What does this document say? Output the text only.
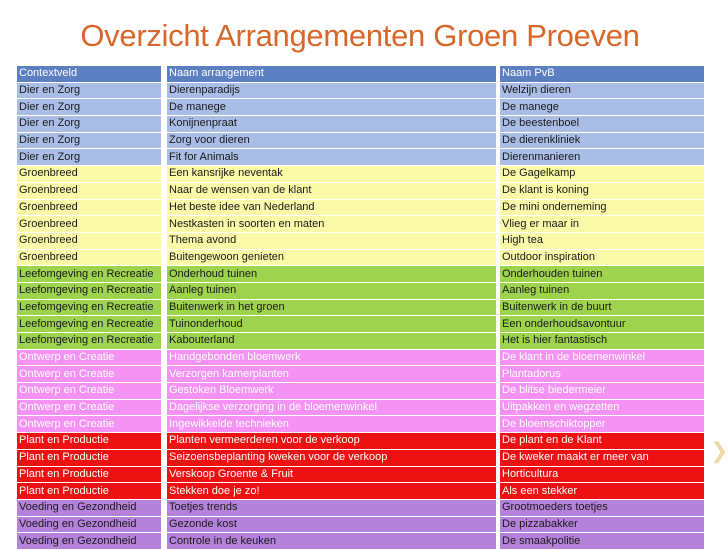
Overzicht Arrangementen Groen Proeven
❯
Contextveld		Naam arrangement		Naam PvB
Dier en Zorg		Dierenparadijs		Welzijn dieren
Dier en Zorg		De manege		De manege
Dier en Zorg		Konijnenpraat		De beestenboel
Dier en Zorg		Zorg voor dieren		De dierenkliniek
Dier en Zorg		Fit for Animals		Dierenmanieren
Groenbreed		Een kansrijke neventak		De Gagelkamp
Groenbreed		Naar de wensen van de klant		De klant is koning
Groenbreed		Het beste idee van Nederland		De mini onderneming
Groenbreed		Nestkasten in soorten en maten		Vlieg er maar in
Groenbreed		Thema avond		High tea
Groenbreed		Buitengewoon genieten		Outdoor inspiration
Leefomgeving en Recreatie		Onderhoud tuinen		Onderhouden tuinen
Leefomgeving en Recreatie		Aanleg tuinen		Aanleg tuinen
Leefomgeving en Recreatie		Buitenwerk in het groen		Buitenwerk in de buurt
Leefomgeving en Recreatie		Tuinonderhoud		Een onderhoudsavontuur
Leefomgeving en Recreatie		Kabouterland		Het is hier fantastisch
Ontwerp en Creatie		Handgebonden bloemwerk		De klant in de bloemenwinkel
Ontwerp en Creatie		Verzorgen kamerplanten		Plantadorus
Ontwerp en Creatie		Gestoken Bloemwerk		De blitse biedermeier
Ontwerp en Creatie		Dagelijkse verzorging in de bloemenwinkel		Uitpakken en wegzetten
Ontwerp en Creatie		Ingewikkelde technieken		De bloemschiktopper
Plant en Productie		Planten vermeerderen voor de verkoop		De plant en de Klant
Plant en Productie		Seizoensbeplanting kweken voor de verkoop		De kweker maakt er meer van
Plant en Productie		Verskoop Groente & Fruit		Horticultura
Plant en Productie		Stekken doe je zo!		Als een stekker
Voeding en Gezondheid		Toetjes trends		Grootmoeders toetjes
Voeding en Gezondheid		Gezonde kost		De pizzabakker
Voeding en Gezondheid		Controle in de keuken		De smaakpolitie
